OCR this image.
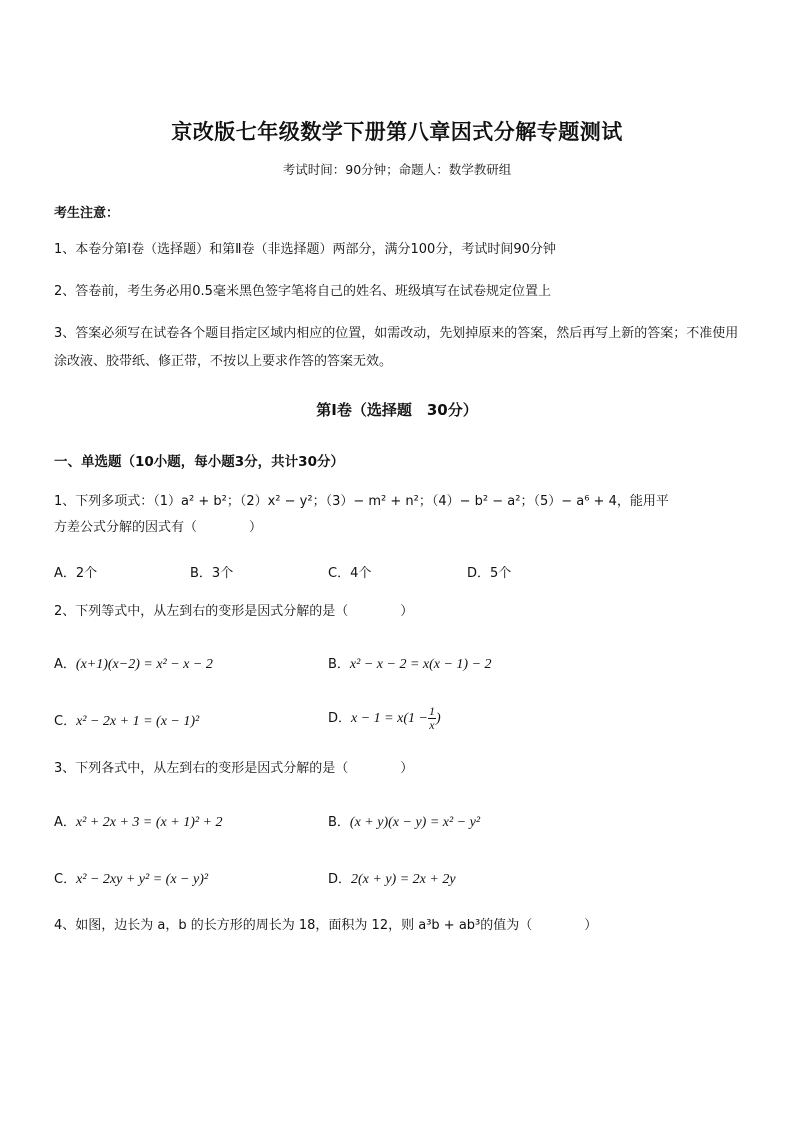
京改版七年级数学下册第八章因式分解专题测试
考试时间：90分钟；命题人：数学教研组
考生注意：
1、本卷分第Ⅰ卷（选择题）和第Ⅱ卷（非选择题）两部分，满分100分，考试时间90分钟
2、答卷前，考生务必用0.5毫米黑色签字笔将自己的姓名、班级填写在试卷规定位置上
3、答案必须写在试卷各个题目指定区域内相应的位置，如需改动，先划掉原来的答案，然后再写上新的答案；不准使用涂改液、胶带纸、修正带，不按以上要求作答的答案无效。
第Ⅰ卷（选择题　30分）
一、单选题（10小题，每小题3分，共计30分）
1、下列多项式：（1）a² + b²；（2）x² − y²；（3）− m² + n²；（4）− b² − a²；（5）− a⁶ + 4，能用平
方差公式分解的因式有（　　　　）
A．2个	B．3个	C．4个	D．5个
2、下列等式中，从左到右的变形是因式分解的是（　　　　）
A．(x+1)(x−2) = x² − x − 2	B．x² − x − 2 = x(x − 1) − 2
C．x² − 2x + 1 = (x − 1)²	D．$x - 1 = x(1 - \frac{1}{x}$ )
3、下列各式中，从左到右的变形是因式分解的是（　　　　）
A．x² + 2x + 3 = (x + 1)² + 2	B．(x + y)(x − y) = x² − y²
C．x² − 2xy + y² = (x − y)²	D．2(x + y) = 2x + 2y
4、如图，边长为 a，b 的长方形的周长为 18，面积为 12，则 a³b + ab³的值为（　　　　）
